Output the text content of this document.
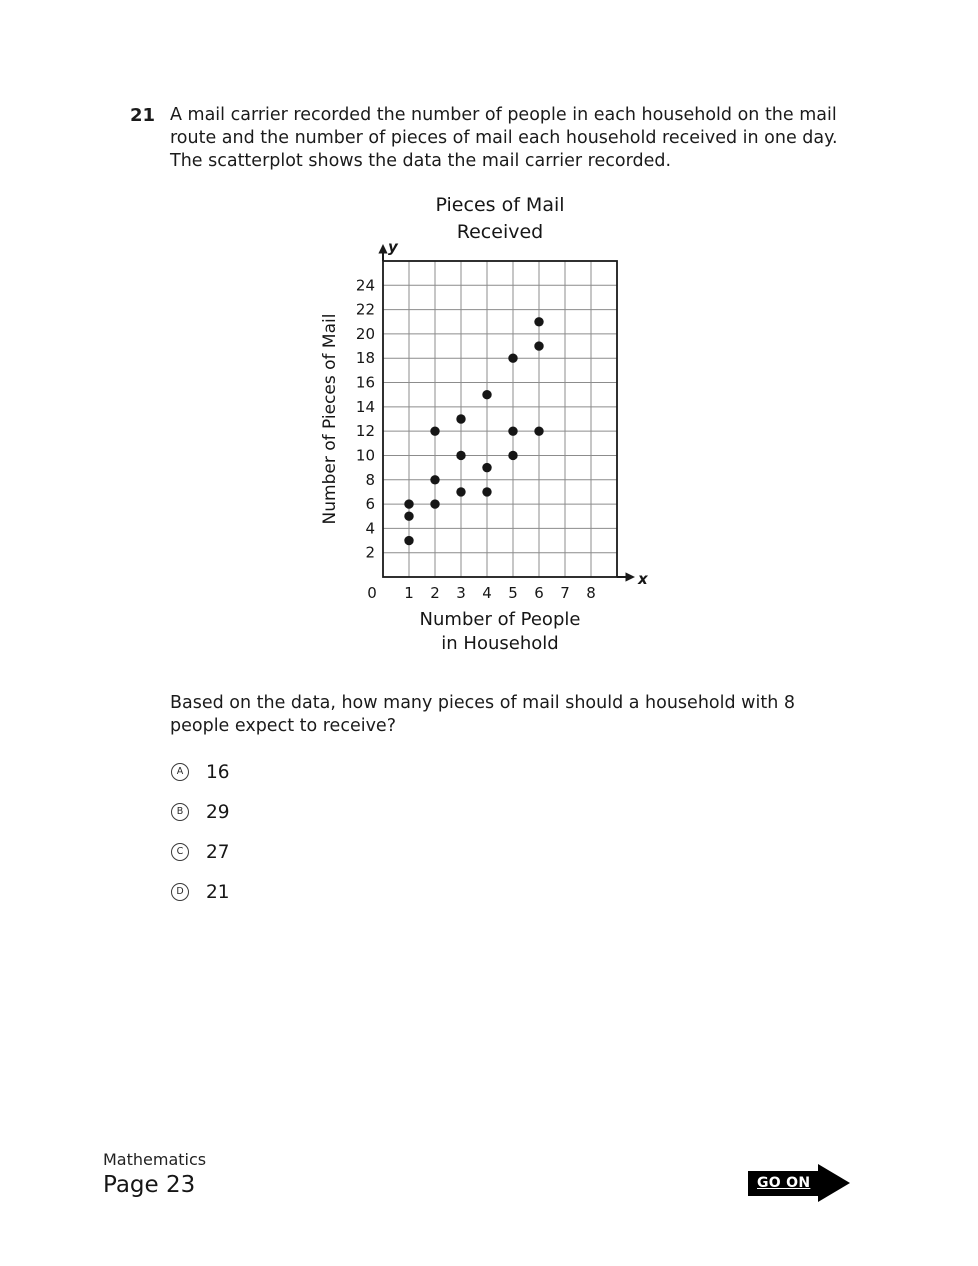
21 A mail carrier recorded the number of people in each household on the mail route and the number of pieces of mail each household received in one day. The scatterplot shows the data the mail carrier recorded.
y
x
Pieces of Mail
Received
2
4
6
8
10
12
14
16
18
20
22
24
0 1 2 3 4 5 6 7 8
Number of People
in Household
Number of Pieces of Mail
Based on the data, how many pieces of mail should a household with 8 people expect to receive?
A	16
B	29
C	27
D 21
Mathematics
Page 23	GO ON
